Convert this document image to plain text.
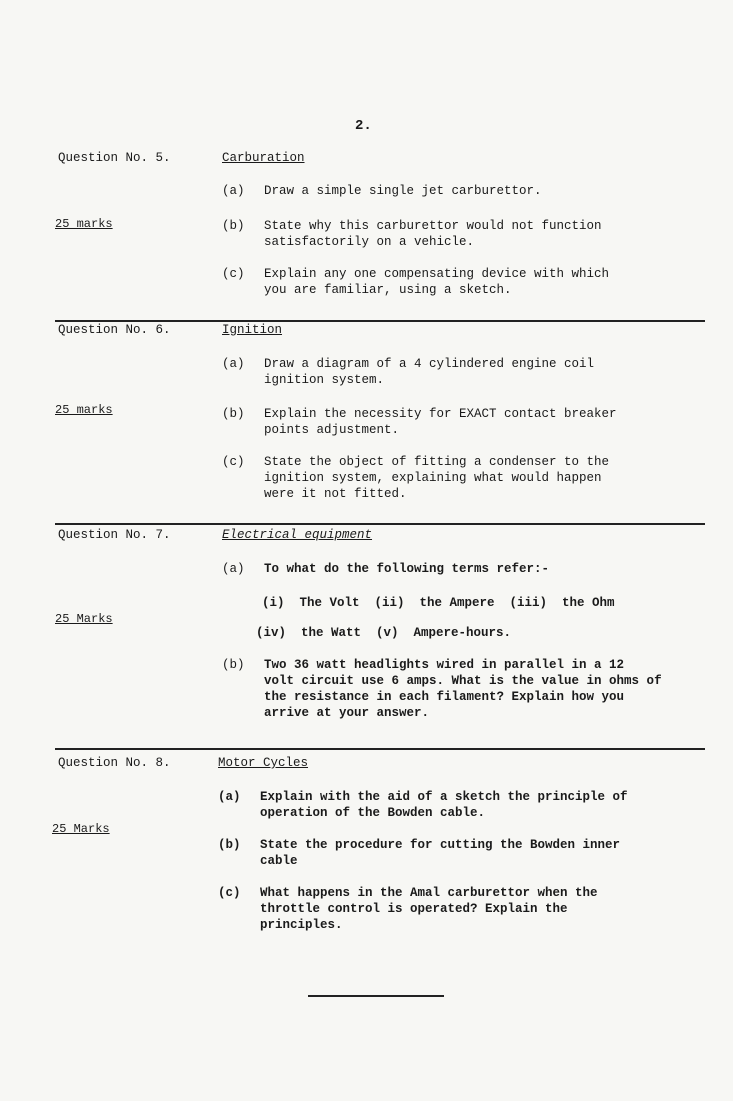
2.
Question No. 5.	Carburation
25 marks
(a) Draw a simple single jet carburettor.
(b) State why this carburettor would not function
satisfactorily on a vehicle.
(c) Explain any one compensating device with which
you are familiar, using a sketch.
Question No. 6.	Ignition
25 marks
(a) Draw a diagram of a 4 cylindered engine coil
ignition system.
(b) Explain the necessity for EXACT contact breaker
points adjustment.
(c) State the object of fitting a condenser to the
ignition system, explaining what would happen
were it not fitted.
Question No. 7.	Electrical equipment
25 Marks
(a) To what do the following terms refer:-
(i)  The Volt  (ii)  the Ampere  (iii)  the Ohm
(iv)  the Watt  (v)  Ampere-hours.
(b) Two 36 watt headlights wired in parallel in a 12
volt circuit use 6 amps. What is the value in ohms of
the resistance in each filament? Explain how you
arrive at your answer.
Question No. 8.	Motor Cycles
25 Marks
(a) Explain with the aid of a sketch the principle of
operation of the Bowden cable.
(b) State the procedure for cutting the Bowden inner
cable
(c) What happens in the Amal carburettor when the
throttle control is operated? Explain the
principles.
